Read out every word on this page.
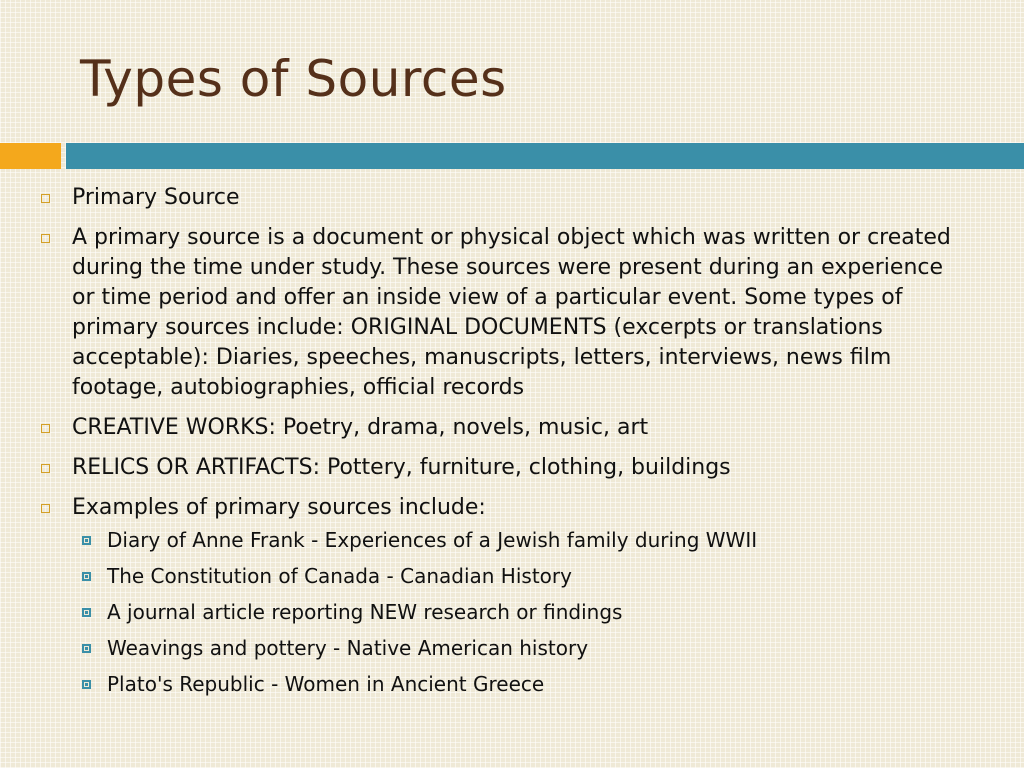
Types of Sources
Primary Source
A primary source is a document or physical object which was written or created during the time under study. These sources were present during an experience or time period and offer an inside view of a particular event. Some types of primary sources include: ORIGINAL DOCUMENTS (excerpts or translations acceptable): Diaries, speeches, manuscripts, letters, interviews, news film footage, autobiographies, official records
CREATIVE WORKS: Poetry, drama, novels, music, art
RELICS OR ARTIFACTS: Pottery, furniture, clothing, buildings
Examples of primary sources include:
Diary of Anne Frank - Experiences of a Jewish family during WWII
The Constitution of Canada - Canadian History
A journal article reporting NEW research or findings
Weavings and pottery - Native American history
Plato's Republic - Women in Ancient Greece
